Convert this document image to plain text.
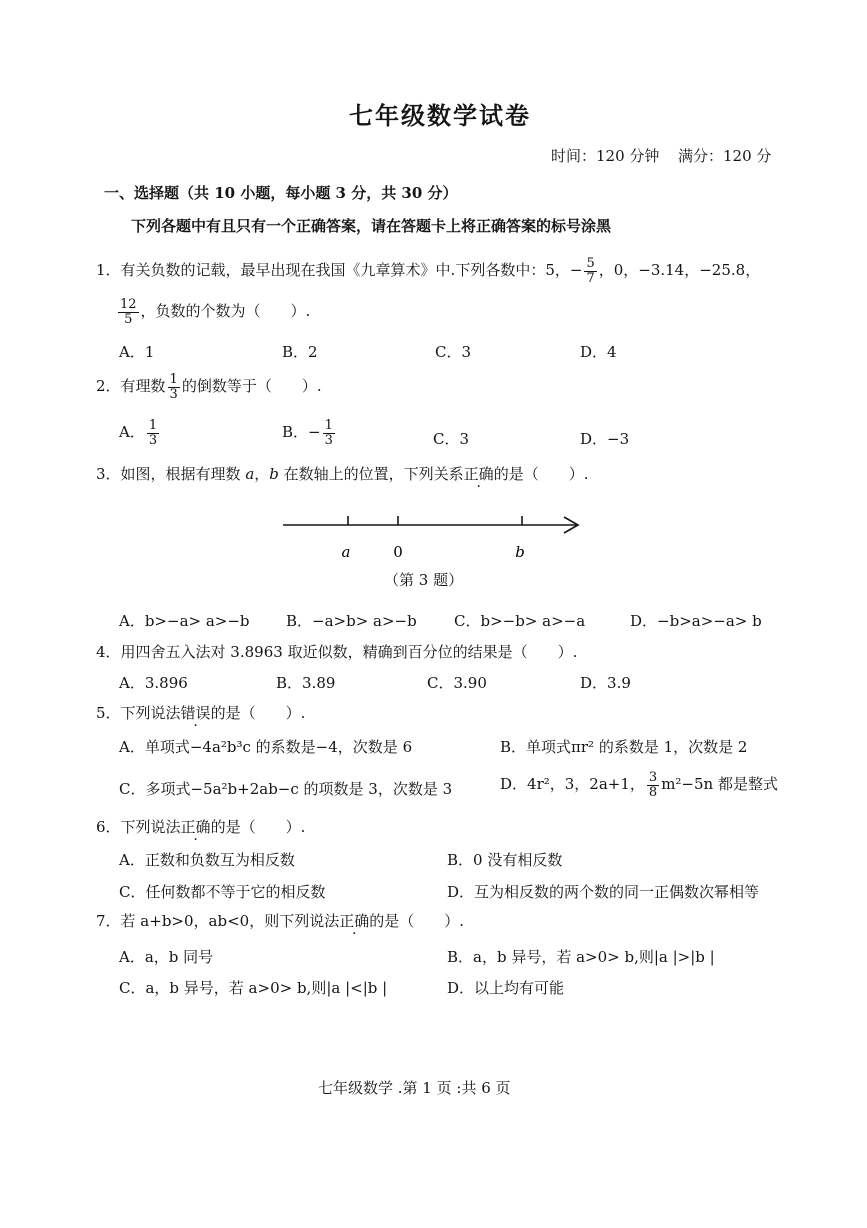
七年级数学试卷
时间：120 分钟 满分：120 分
一、选择题（共 10 小题，每小题 3 分，共 30 分）
下列各题中有且只有一个正确答案，请在答题卡上将正确答案的标号涂黑
1．有关负数的记载，最早出现在我国《九章算术》中.下列各数中：5，− $\frac{5}{7}$ ，0，−3.14，−25.8，
$\frac{12}{5}$ ，负数的个数为（　　）.
A．1	B．2	C．3	D．4
2．有理数 $\frac{1}{3}$ 的倒数等于（　　）.
A． $\frac{1}{3}$	B．− $\frac{1}{3}$	C．3	D．−3
3．如图，根据有理数 a，b 在数轴上的位置，下列关系正确的是（　　）.
a	0	b
（第 3 题）
A．b>−a> a>−b B．−a>b> a>−b C．b>−b> a>−a	D．−b>a>−a> b
4．用四舍五入法对 3.8963 取近似数，精确到百分位的结果是（　　）.
A．3.896	B．3.89	C．3.90	D．3.9
5．下列说法错误的是（　　）.
A．单项式−4a²b³c 的系数是−4，次数是 6	B．单项式πr² 的系数是 1，次数是 2
C．多项式−5a²b+2ab−c 的项数是 3，次数是 3	D．4r²，3，2a+1， $\frac{3}{8} m^2-5n$ 都是整式
6．下列说法正确的是（　　）.
A．正数和负数互为相反数	B．0 没有相反数
C．任何数都不等于它的相反数	D．互为相反数的两个数的同一正偶数次幂相等
7．若 a+b>0，ab<0，则下列说法正确的是（　　）.
A．a，b 同号	B．a，b 异号，若 a>0> b,则|a |>|b |
C．a，b 异号，若 a>0> b,则|a |<|b |	D．以上均有可能
七年级数学 .第 1 页 :共 6 页
